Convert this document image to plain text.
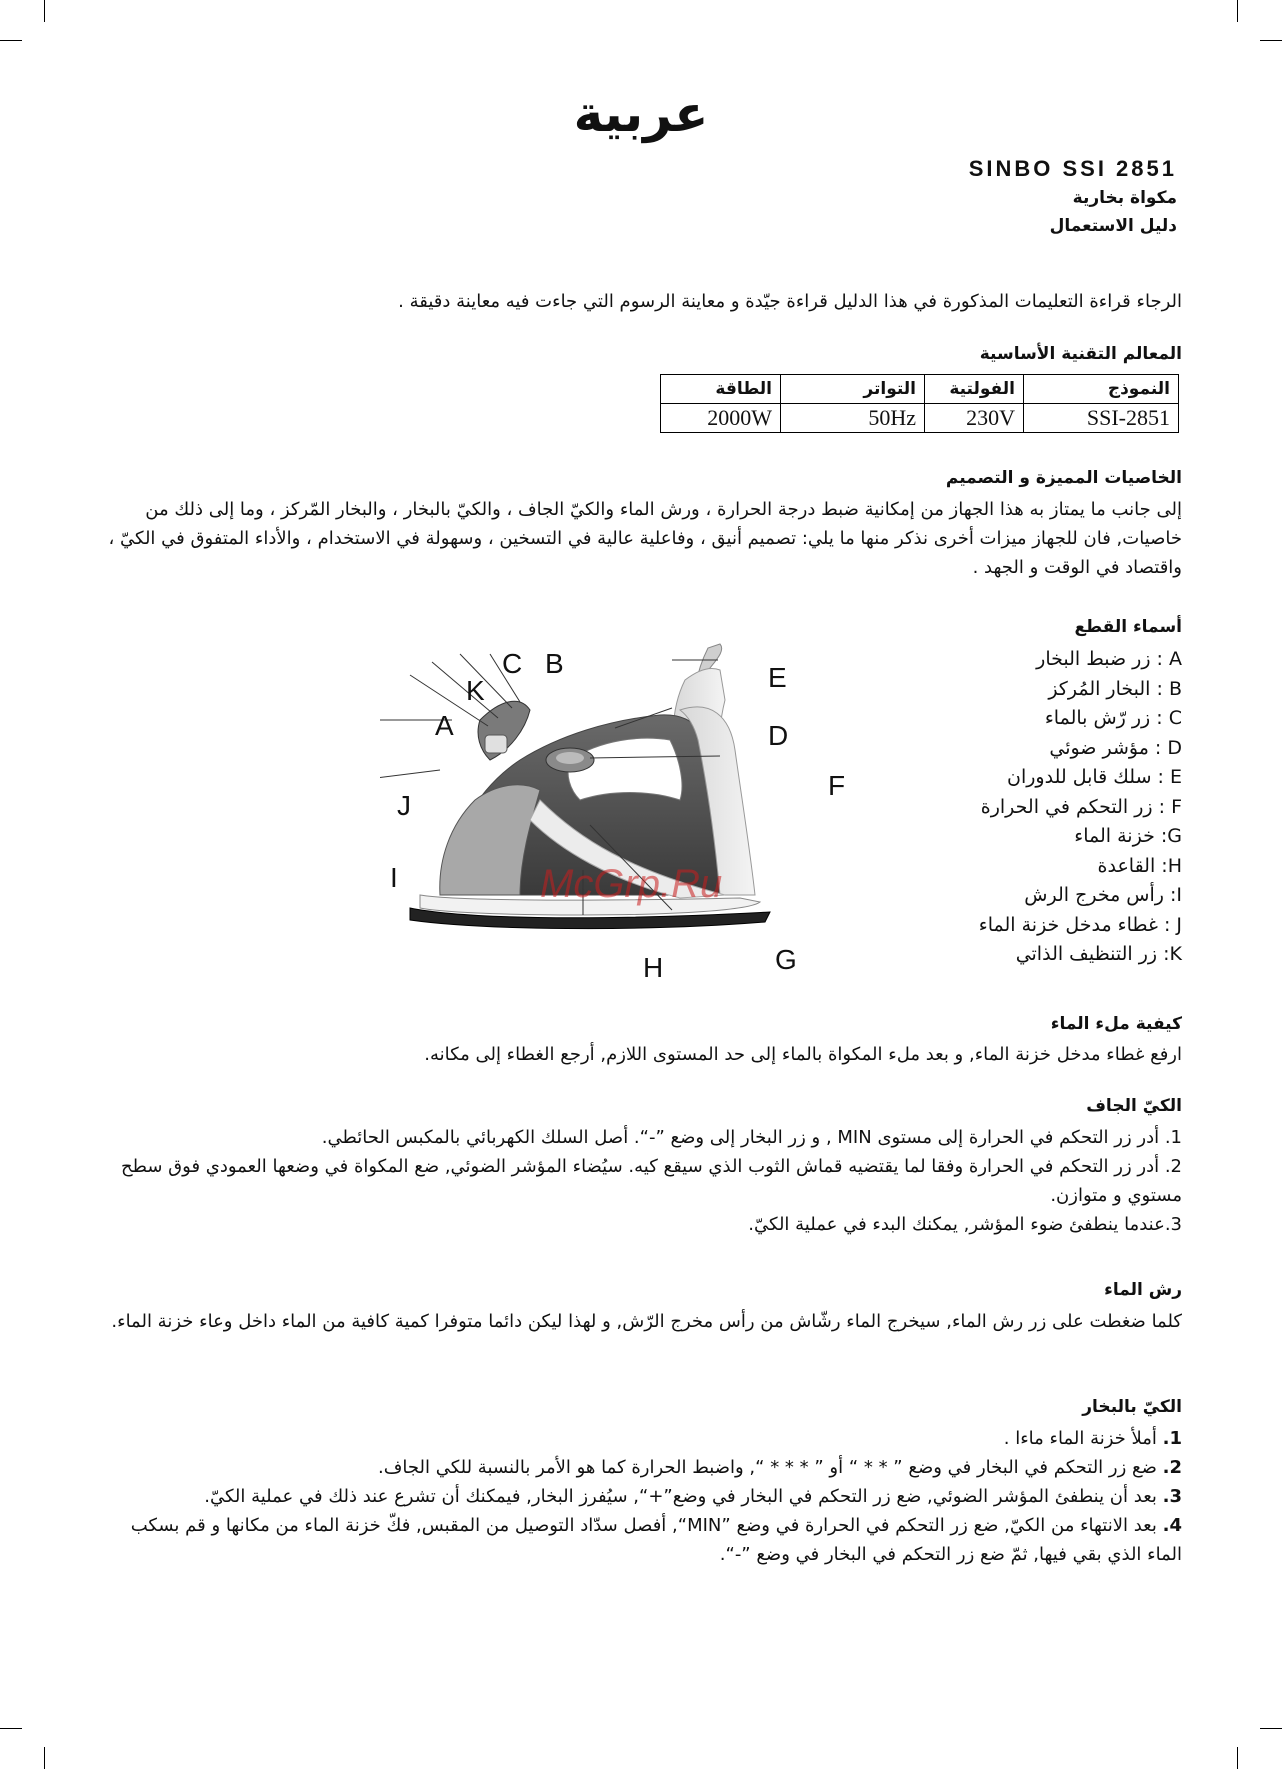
عربية
SINBO SSI 2851
مكواة بخارية
دليل الاستعمال
الرجاء قراءة التعليمات المذكورة في هذا الدليل قراءة جيّدة و معاينة الرسوم التي جاءت فيه معاينة دقيقة .
المعالم التقنية الأساسية
النموذج	الفولتية	التواتر	الطاقة
SSI-2851	230V	50Hz	2000W
الخاصيات المميزة و التصميم
إلى جانب ما يمتاز به هذا الجهاز من إمكانية ضبط درجة الحرارة ، ورش الماء والكيّ الجاف ، والكيّ بالبخار ، والبخار المّركز ، وما إلى ذلك من خاصيات, فان للجهاز ميزات أخرى نذكر منها ما يلي: تصميم أنيق ، وفاعلية عالية في التسخين ، وسهولة في الاستخدام ، والأداء المتفوق في الكيّ ، واقتصاد في الوقت و الجهد .
أسماء القطع
A : زر ضبط البخار
B : البخار المُركز
C : زر رّش بالماء
D : مؤشر ضوئي
E : سلك قابل للدوران
F : زر التحكم في الحرارة
G: خزنة الماء
H: القاعدة
I: رأس مخرج الرش
J : غطاء مدخل خزنة الماء
K: زر التنظيف الذاتي
A
B
C
D
E
F
G
H
I
J
K
McGrp.Ru
كيفية ملء الماء
ارفع غطاء مدخل خزنة الماء, و بعد ملء المكواة بالماء إلى حد المستوى اللازم, أرجع الغطاء إلى مكانه.
الكيّ الجاف
1. أدر زر التحكم في الحرارة إلى مستوى MIN , و زر البخار إلى وضع ”-“. أصل السلك الكهربائي بالمكبس الحائطي.
2. أدر زر التحكم في الحرارة وفقا لما يقتضيه قماش الثوب الذي سيقع كيه. سيُضاء المؤشر الضوئي, ضع المكواة في وضعها العمودي فوق سطح مستوي و متوازن.
3.عندما ينطفئ ضوء المؤشر, يمكنك البدء في عملية الكيّ.
رش الماء
كلما ضغطت على زر رش الماء, سيخرج الماء رشّاش من رأس مخرج الرّش, و لهذا ليكن دائما متوفرا كمية كافية من الماء داخل وعاء خزنة الماء.
الكيّ بالبخار
1. أملأ خزنة الماء ماءا .
2. ضع زر التحكم في البخار في وضع ” * * “ أو ” * * * “, واضبط الحرارة كما هو الأمر بالنسبة للكي الجاف.
3. بعد أن ينطفئ المؤشر الضوئي, ضع زر التحكم في البخار في وضع”+“, سيُفرز البخار, فيمكنك أن تشرع عند ذلك في عملية الكيّ.
4. بعد الانتهاء من الكيّ, ضع زر التحكم في الحرارة في وضع ”MIN“, أفصل سدّاد التوصيل من المقبس, فكّ خزنة الماء من مكانها و قم بسكب الماء الذي بقي فيها, ثمّ ضع زر التحكم في البخار في وضع ”-“.
